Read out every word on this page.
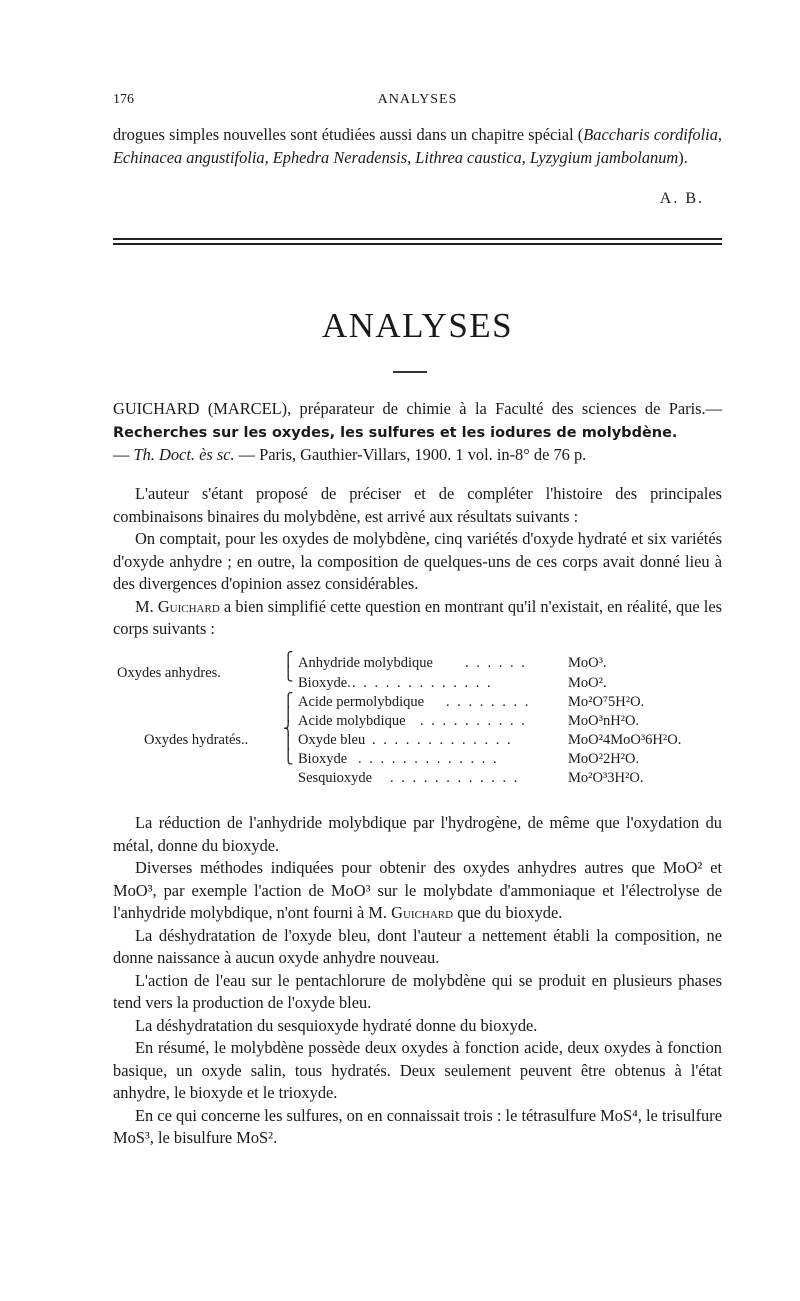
176	ANALYSES
drogues simples nouvelles sont étudiées aussi dans un chapitre spécial (Baccharis cordifolia, Echinacea angustifolia, Ephedra Neradensis, Lithrea caustica, Lyzygium jambolanum).
A. B.
ANALYSES
GUICHARD (MARCEL), préparateur de chimie à la Faculté des sciences de Paris.—Recherches sur les oxydes, les sulfures et les iodures de molybdène.
— Th. Doct. ès sc. — Paris, Gauthier-Villars, 1900. 1 vol. in-8° de 76 p.
L'auteur s'étant proposé de préciser et de compléter l'histoire des principales combinaisons binaires du molybdène, est arrivé aux résultats suivants :
On comptait, pour les oxydes de molybdène, cinq variétés d'oxyde hydraté et six variétés d'oxyde anhydre ; en outre, la composition de quelques-uns de ces corps avait donné lieu à des divergences d'opinion assez considérables.
M. Guichard a bien simplifié cette question en montrant qu'il n'existait, en réalité, que les corps suivants :
Oxydes anhydres.
⎧
⎩
Anhydride molybdique . . . . . .	MoO³.
Bioxyde. . . . . . . . . . . . . .	MoO².
Oxydes hydratés..
⎧
⎪
⎨
⎪
⎩

Acide permolybdique . . . . . . . .	Mo²O⁷5H²O.
Acide molybdique . . . . . . . . . .	MoO³nH²O.
Oxyde bleu . . . . . . . . . . . . .	MoO²4MoO³6H²O.
Bioxyde . . . . . . . . . . . . .	MoO²2H²O.
Sesquioxyde . . . . . . . . . . . .	Mo²O³3H²O.
La réduction de l'anhydride molybdique par l'hydrogène, de même que l'oxydation du métal, donne du bioxyde.
Diverses méthodes indiquées pour obtenir des oxydes anhydres autres que MoO² et MoO³, par exemple l'action de MoO³ sur le molybdate d'ammoniaque et l'électrolyse de l'anhydride molybdique, n'ont fourni à M. Guichard que du bioxyde.
La déshydratation de l'oxyde bleu, dont l'auteur a nettement établi la composition, ne donne naissance à aucun oxyde anhydre nouveau.
L'action de l'eau sur le pentachlorure de molybdène qui se produit en plusieurs phases tend vers la production de l'oxyde bleu.
La déshydratation du sesquioxyde hydraté donne du bioxyde.
En résumé, le molybdène possède deux oxydes à fonction acide, deux oxydes à fonction basique, un oxyde salin, tous hydratés. Deux seulement peuvent être obtenus à l'état anhydre, le bioxyde et le trioxyde.
En ce qui concerne les sulfures, on en connaissait trois : le tétrasulfure MoS⁴, le trisulfure MoS³, le bisulfure MoS².
